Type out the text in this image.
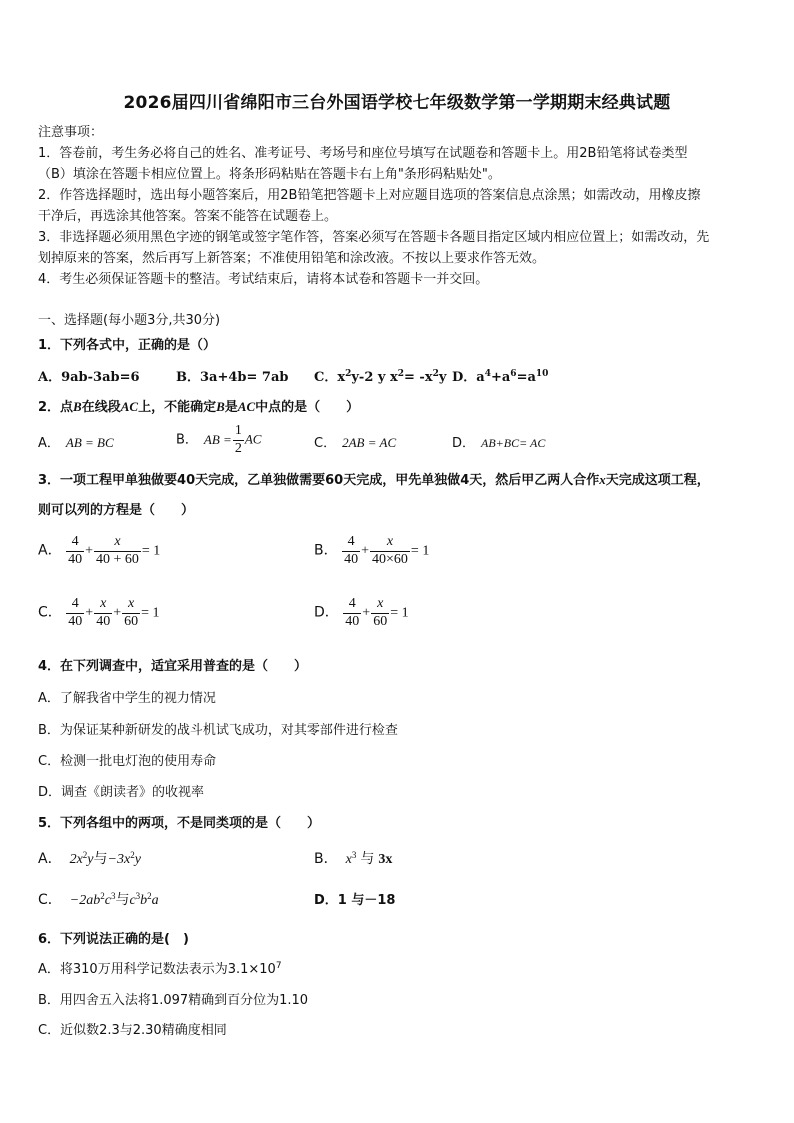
2026届四川省绵阳市三台外国语学校七年级数学第一学期期末经典试题
注意事项：
1．答卷前，考生务必将自己的姓名、准考证号、考场号和座位号填写在试题卷和答题卡上。用2B铅笔将试卷类型
（B）填涂在答题卡相应位置上。将条形码粘贴在答题卡右上角"条形码粘贴处"。
2．作答选择题时，选出每小题答案后，用2B铅笔把答题卡上对应题目选项的答案信息点涂黑；如需改动，用橡皮擦
干净后，再选涂其他答案。答案不能答在试题卷上。
3．非选择题必须用黑色字迹的钢笔或签字笔作答，答案必须写在答题卡各题目指定区域内相应位置上；如需改动，先
划掉原来的答案，然后再写上新答案；不准使用铅笔和涂改液。不按以上要求作答无效。
4．考生必须保证答题卡的整洁。考试结束后，请将本试卷和答题卡一并交回。
一、选择题(每小题3分,共30分)
1．下列各式中，正确的是（）
A．9ab-3ab=6	B．3a+4b= 7ab C．$x^2y-2$ y $x^2= -x^2y$ D．$a^4+a^6=a^{10}$
2．点B在线段AC上，不能确定B是AC中点的是（　　）
A． AB = BC	B． AB = $\frac{1}{2}$ AC	C． 2AB = AC	D． AB+BC= AC
3．一项工程甲单独做要40天完成，乙单独做需要60天完成，甲先单独做4天，然后甲乙两人合作x天完成这项工程，
则可以列的方程是（　　）
A． $\frac{4}{40} + \frac{x}{40 + 60} = 1$	B． $\frac{4}{40} + \frac{x}{40\times 60} = 1$
C． $\frac{4}{40} + \frac{x}{40} + \frac{x}{60} = 1$	D． $\frac{4}{40} + \frac{x}{60} = 1$
4．在下列调查中，适宜采用普查的是（　　）
A．了解我省中学生的视力情况
B．为保证某种新研发的战斗机试飞成功，对其零部件进行检查
C．检测一批电灯泡的使用寿命
D．调查《朗读者》的收视率
5．下列各组中的两项，不是同类项的是（　　）
A． $2x^2y$与$-3x^2y$	B． $x^3$ 与 3x
C． $-2ab^2c^3$与$c^3b^2a$	D．1 与－18
6．下列说法正确的是(　)
A．将310万用科学记数法表示为$3.1\times 10^7$
B．用四舍五入法将1.097精确到百分位为1.10
C．近似数2.3与2.30精确度相同
